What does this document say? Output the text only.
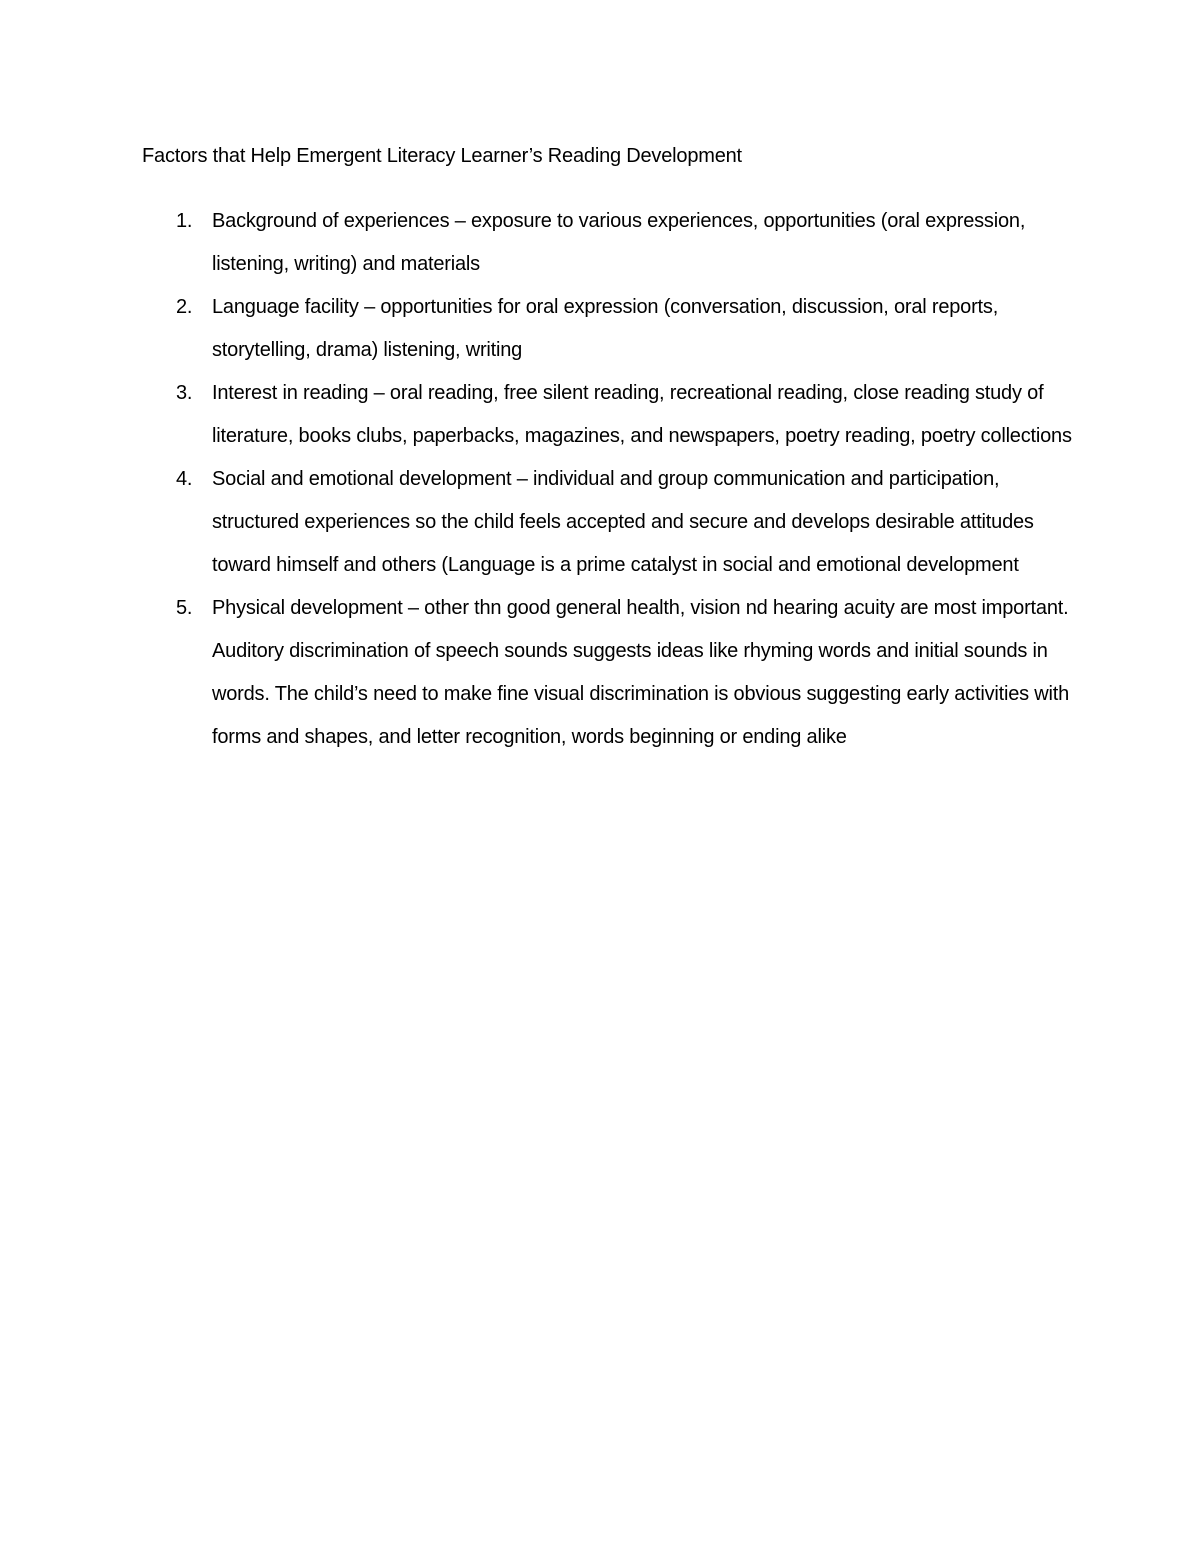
Factors that Help Emergent Literacy Learner’s Reading Development
1. Background of experiences – exposure to various experiences, opportunities (oral expression, listening, writing) and materials
2. Language facility – opportunities for oral expression (conversation, discussion, oral reports, storytelling, drama) listening, writing
3. Interest in reading – oral reading, free silent reading, recreational reading, close reading study of literature, books clubs, paperbacks, magazines, and newspapers, poetry reading, poetry collections
4. Social and emotional development – individual and group communication and participation, structured experiences so the child feels accepted and secure and develops desirable attitudes toward himself and others (Language is a prime catalyst in social and emotional development
5. Physical development – other thn good general health, vision nd hearing acuity are most important. Auditory discrimination of speech sounds suggests ideas like rhyming words and initial sounds in words. The child’s need to make fine visual discrimination is obvious suggesting early activities with forms and shapes, and letter recognition, words beginning or ending alike
